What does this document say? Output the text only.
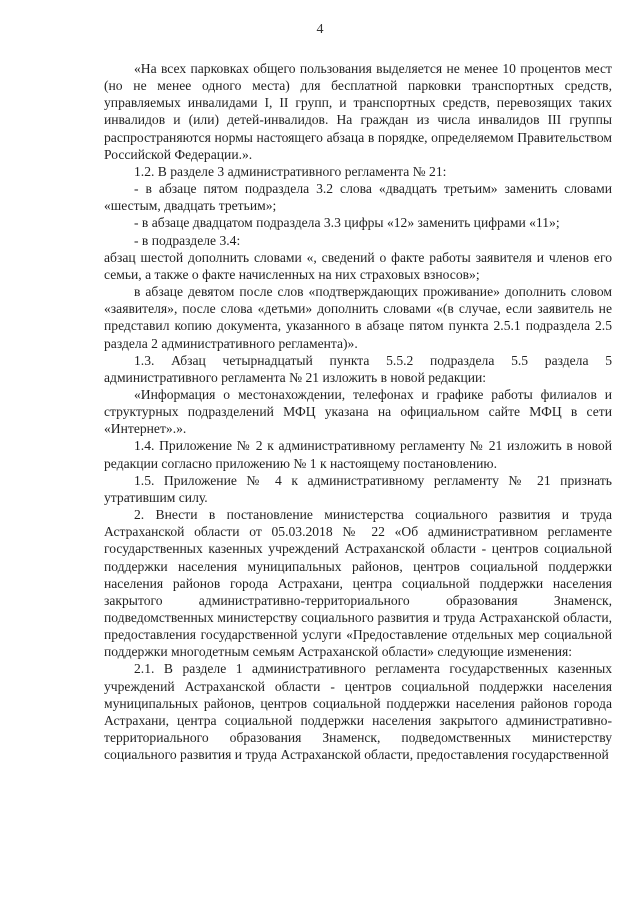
4

«На всех парковках общего пользования выделяется не менее 10 процентов мест (но не менее одного места) для бесплатной парковки транспортных средств, управляемых инвалидами I, II групп, и транспортных средств, перевозящих таких инвалидов и (или) детей-инвалидов. На граждан из числа инвалидов III группы распространяются нормы настоящего абзаца в порядке, определяемом Правительством Российской Федерации.».

1.2. В разделе 3 административного регламента № 21:

- в абзаце пятом подраздела 3.2 слова «двадцать третьим» заменить словами «шестым, двадцать третьим»;

- в абзаце двадцатом подраздела 3.3 цифры «12» заменить цифрами «11»;

- в подразделе 3.4:

абзац шестой дополнить словами «, сведений о факте работы заявителя и членов его семьи, а также о факте начисленных на них страховых взносов»;

в абзаце девятом после слов «подтверждающих проживание» дополнить словом «заявителя», после слова «детьми» дополнить словами «(в случае, если заявитель не представил копию документа, указанного в абзаце пятом пункта 2.5.1 подраздела 2.5 раздела 2 административного регламента)».

1.3. Абзац четырнадцатый пункта 5.5.2 подраздела 5.5 раздела 5 административного регламента № 21 изложить в новой редакции:

«Информация о местонахождении, телефонах и графике работы филиалов и структурных подразделений МФЦ указана на официальном сайте МФЦ в сети «Интернет».».

1.4. Приложение № 2 к административному регламенту № 21 изложить в новой редакции согласно приложению № 1 к настоящему постановлению.

1.5. Приложение № 4 к административному регламенту № 21 признать утратившим силу.

2. Внести в постановление министерства социального развития и труда Астраханской области от 05.03.2018 № 22 «Об административном регламенте государственных казенных учреждений Астраханской области - центров социальной поддержки населения муниципальных районов, центров социальной поддержки населения районов города Астрахани, центра социальной поддержки населения закрытого административно-территориального образования Знаменск, подведомственных министерству социального развития и труда Астраханской области, предоставления государственной услуги «Предоставление отдельных мер социальной поддержки многодетным семьям Астраханской области» следующие изменения:

2.1. В разделе 1 административного регламента государственных казенных учреждений Астраханской области - центров социальной поддержки населения муниципальных районов, центров социальной поддержки населения районов города Астрахани, центра социальной поддержки населения закрытого административно-территориального образования Знаменск, подведомственных министерству социального развития и труда Астраханской области, предоставления государственной
